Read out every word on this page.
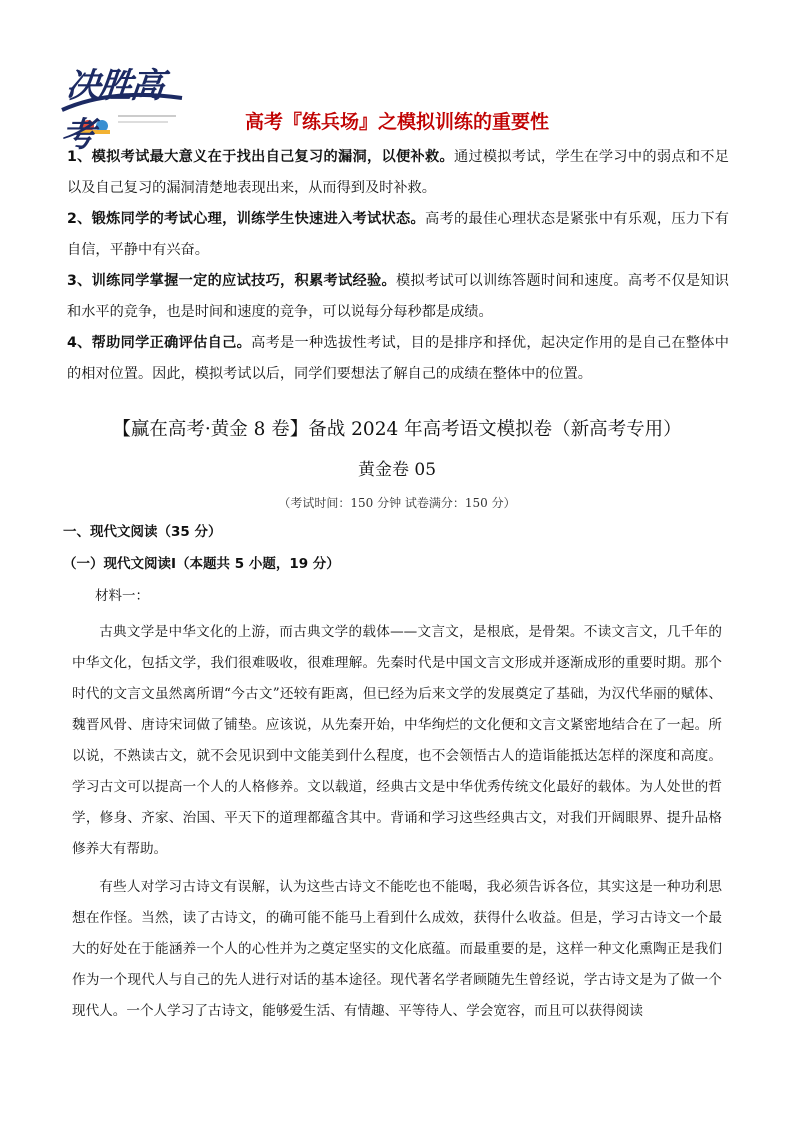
决胜高考	高考『练兵场』之模拟训练的重要性

1、模拟考试最大意义在于找出自己复习的漏洞，以便补救。通过模拟考试，学生在学习中的弱点和不足以及自己复习的漏洞清楚地表现出来，从而得到及时补救。

2、锻炼同学的考试心理，训练学生快速进入考试状态。高考的最佳心理状态是紧张中有乐观，压力下有自信，平静中有兴奋。

3、训练同学掌握一定的应试技巧，积累考试经验。模拟考试可以训练答题时间和速度。高考不仅是知识和水平的竞争，也是时间和速度的竞争，可以说每分每秒都是成绩。

4、帮助同学正确评估自己。高考是一种选拔性考试，目的是排序和择优，起决定作用的是自己在整体中的相对位置。因此，模拟考试以后，同学们要想法了解自己的成绩在整体中的位置。

【赢在高考·黄金 8 卷】备战 2024 年高考语文模拟卷（新高考专用）
黄金卷 05
（考试时间：150 分钟 试卷满分：150 分）
一、现代文阅读（35 分）
（一）现代文阅读Ⅰ（本题共 5 小题，19 分）
材料一：

古典文学是中华文化的上游，而古典文学的载体——文言文，是根底，是骨架。不读文言文，几千年的中华文化，包括文学，我们很难吸收，很难理解。先秦时代是中国文言文形成并逐渐成形的重要时期。那个时代的文言文虽然离所谓“今古文”还较有距离，但已经为后来文学的发展奠定了基础，为汉代华丽的赋体、魏晋风骨、唐诗宋词做了铺垫。应该说，从先秦开始，中华绚烂的文化便和文言文紧密地结合在了一起。所以说，不熟读古文，就不会见识到中文能美到什么程度，也不会领悟古人的造诣能抵达怎样的深度和高度。学习古文可以提高一个人的人格修养。文以载道，经典古文是中华优秀传统文化最好的载体。为人处世的哲学，修身、齐家、治国、平天下的道理都蕴含其中。背诵和学习这些经典古文，对我们开阔眼界、提升品格修养大有帮助。

有些人对学习古诗文有误解，认为这些古诗文不能吃也不能喝，我必须告诉各位，其实这是一种功利思想在作怪。当然，读了古诗文，的确可能不能马上看到什么成效，获得什么收益。但是，学习古诗文一个最大的好处在于能涵养一个人的心性并为之奠定坚实的文化底蕴。而最重要的是，这样一种文化熏陶正是我们作为一个现代人与自己的先人进行对话的基本途径。现代著名学者顾随先生曾经说，学古诗文是为了做一个现代人。一个人学习了古诗文，能够爱生活、有情趣、平等待人、学会宽容，而且可以获得阅读
